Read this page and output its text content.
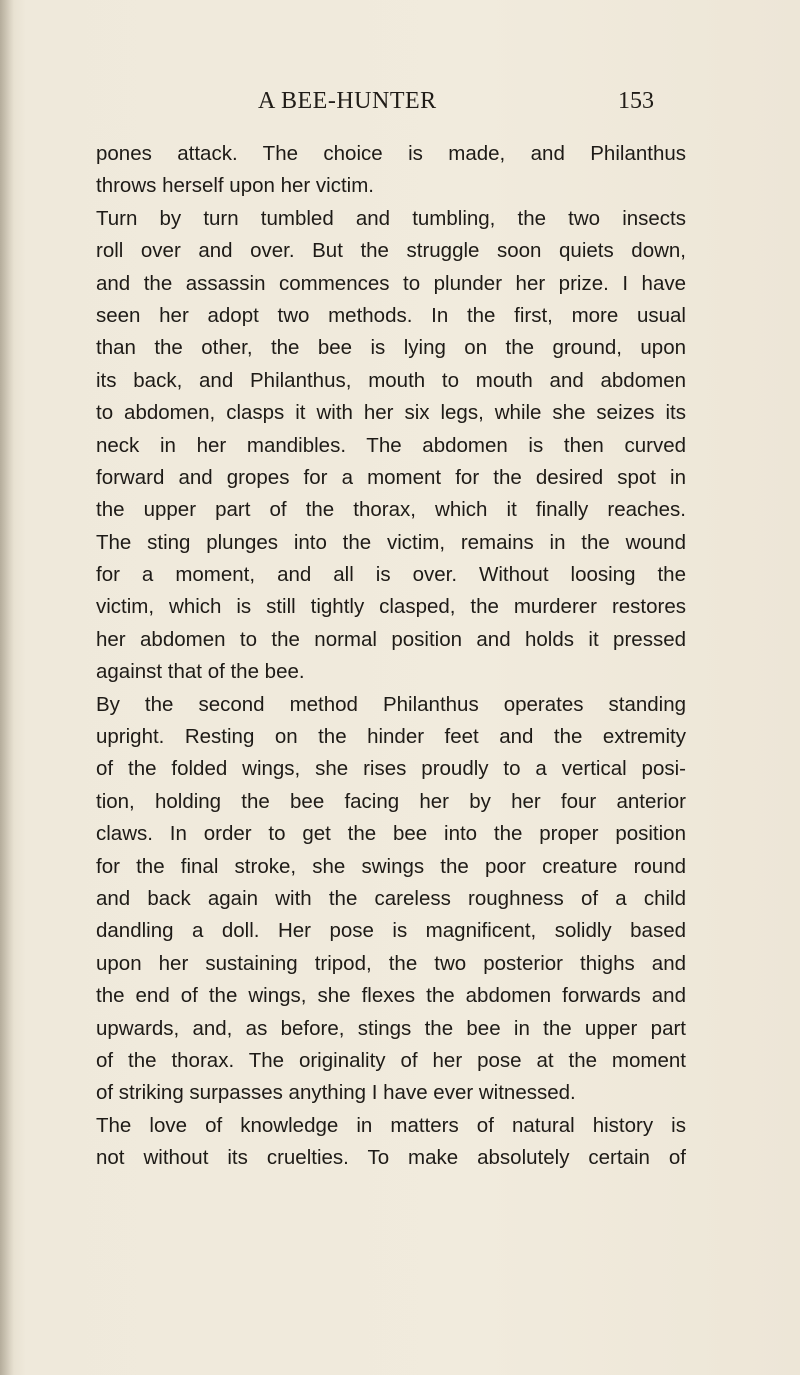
A BEE-HUNTER	153
pones attack. The choice is made, and Philanthus
throws herself upon her victim.
Turn by turn tumbled and tumbling, the two insects
roll over and over. But the struggle soon quiets down,
and the assassin commences to plunder her prize. I have
seen her adopt two methods. In the first, more usual
than the other, the bee is lying on the ground, upon
its back, and Philanthus, mouth to mouth and abdomen
to abdomen, clasps it with her six legs, while she seizes its
neck in her mandibles. The abdomen is then curved
forward and gropes for a moment for the desired spot in
the upper part of the thorax, which it finally reaches.
The sting plunges into the victim, remains in the wound
for a moment, and all is over. Without loosing the
victim, which is still tightly clasped, the murderer restores
her abdomen to the normal position and holds it pressed
against that of the bee.
By the second method Philanthus operates standing
upright. Resting on the hinder feet and the extremity
of the folded wings, she rises proudly to a vertical posi-
tion, holding the bee facing her by her four anterior
claws. In order to get the bee into the proper position
for the final stroke, she swings the poor creature round
and back again with the careless roughness of a child
dandling a doll. Her pose is magnificent, solidly based
upon her sustaining tripod, the two posterior thighs and
the end of the wings, she flexes the abdomen forwards and
upwards, and, as before, stings the bee in the upper part
of the thorax. The originality of her pose at the moment
of striking surpasses anything I have ever witnessed.
The love of knowledge in matters of natural history is
not without its cruelties. To make absolutely certain of
